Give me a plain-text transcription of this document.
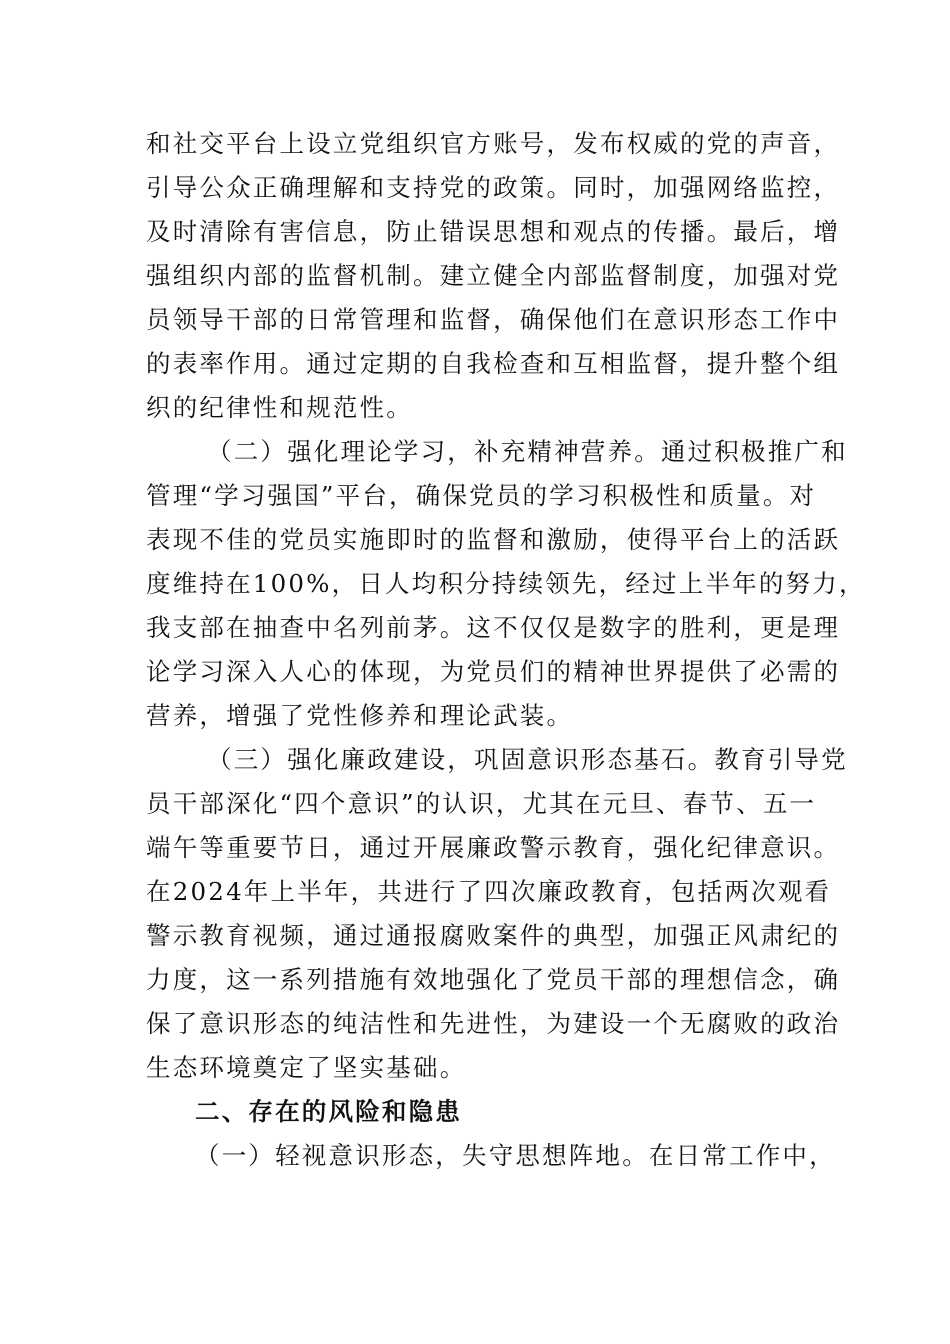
和社交平台上设立党组织官方账号，发布权威的党的声音，
引导公众正确理解和支持党的政策。同时，加强网络监控，
及时清除有害信息，防止错误思想和观点的传播。最后，增
强组织内部的监督机制。建立健全内部监督制度，加强对党
员领导干部的日常管理和监督，确保他们在意识形态工作中
的表率作用。通过定期的自我检查和互相监督，提升整个组
织的纪律性和规范性。
（二）强化理论学习，补充精神营养。通过积极推广和
管理“学习强国”平台，确保党员的学习积极性和质量。对
表现不佳的党员实施即时的监督和激励，使得平台上的活跃
度维持在100%，日人均积分持续领先，经过上半年的努力，
我支部在抽查中名列前茅。这不仅仅是数字的胜利，更是理
论学习深入人心的体现，为党员们的精神世界提供了必需的
营养，增强了党性修养和理论武装。
（三）强化廉政建设，巩固意识形态基石。教育引导党
员干部深化“四个意识”的认识，尤其在元旦、春节、五一
端午等重要节日，通过开展廉政警示教育，强化纪律意识。
在2024年上半年，共进行了四次廉政教育，包括两次观看
警示教育视频，通过通报腐败案件的典型，加强正风肃纪的
力度，这一系列措施有效地强化了党员干部的理想信念，确
保了意识形态的纯洁性和先进性，为建设一个无腐败的政治
生态环境奠定了坚实基础。
二、存在的风险和隐患
（一）轻视意识形态，失守思想阵地。在日常工作中，
